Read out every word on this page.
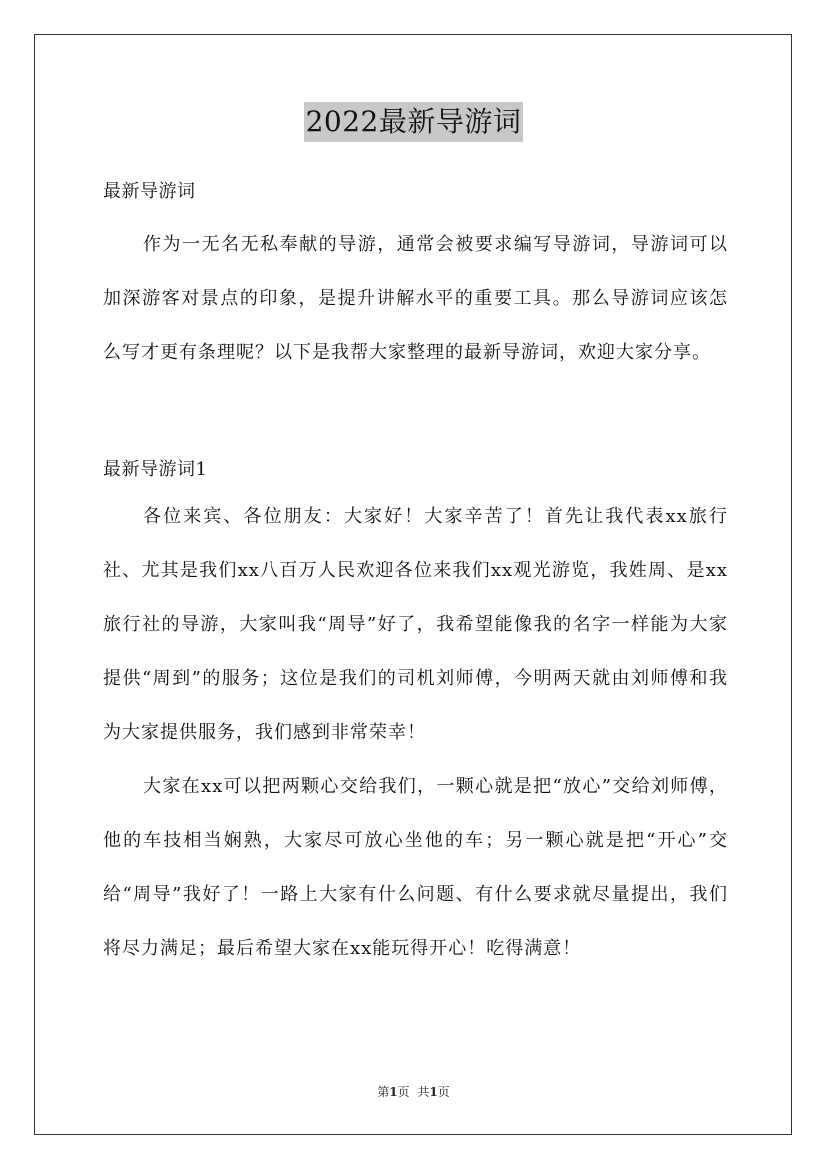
2022最新导游词

最新导游词

作为一无名无私奉献的导游，通常会被要求编写导游词，导游词可以加深游客对景点的印象，是提升讲解水平的重要工具。那么导游词应该怎么写才更有条理呢？以下是我帮大家整理的最新导游词，欢迎大家分享。

最新导游词1

各位来宾、各位朋友：大家好！大家辛苦了！首先让我代表xx旅行社、尤其是我们xx八百万人民欢迎各位来我们xx观光游览，我姓周、是xx旅行社的导游，大家叫我“周导”好了，我希望能像我的名字一样能为大家提供“周到”的服务；这位是我们的司机刘师傅，今明两天就由刘师傅和我为大家提供服务，我们感到非常荣幸！

大家在xx可以把两颗心交给我们，一颗心就是把“放心”交给刘师傅，他的车技相当娴熟，大家尽可放心坐他的车；另一颗心就是把“开心”交给“周导”我好了！一路上大家有什么问题、有什么要求就尽量提出，我们将尽力满足；最后希望大家在xx能玩得开心！吃得满意！

第1页 共1页
